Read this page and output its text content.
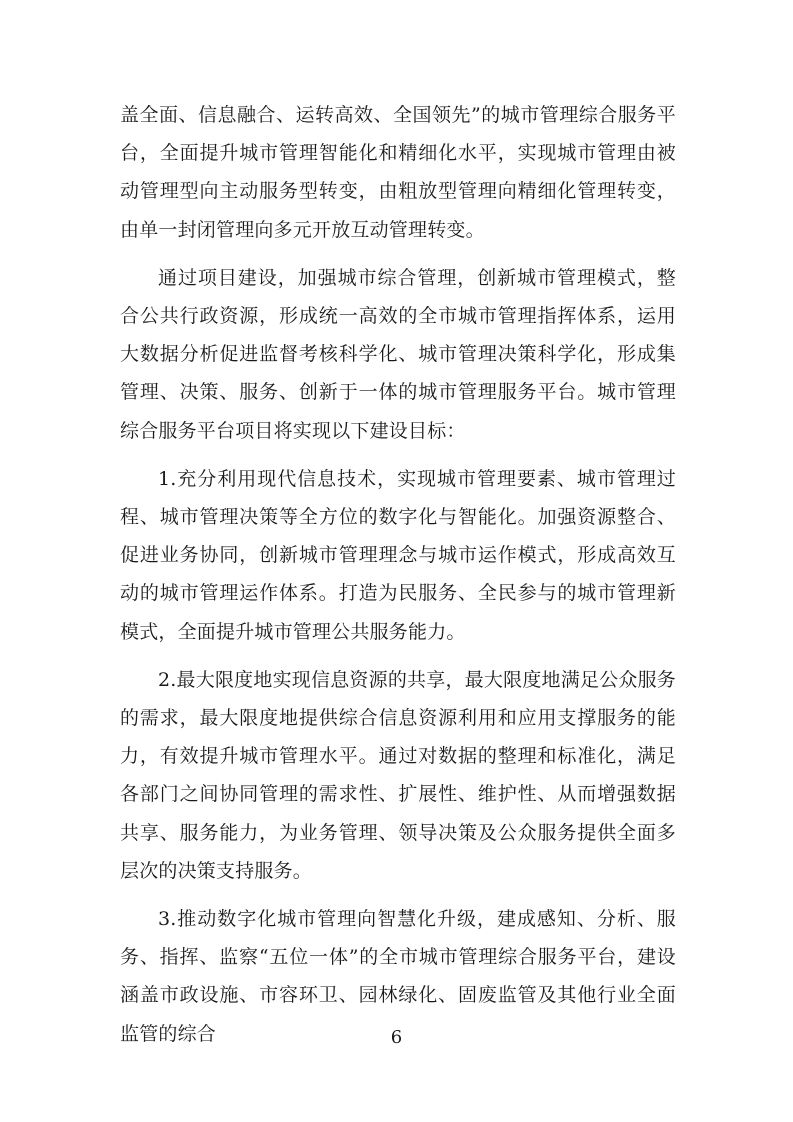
盖全面、信息融合、运转高效、全国领先”的城市管理综合服务平台，全面提升城市管理智能化和精细化水平，实现城市管理由被动管理型向主动服务型转变，由粗放型管理向精细化管理转变，由单一封闭管理向多元开放互动管理转变。

通过项目建设，加强城市综合管理，创新城市管理模式，整合公共行政资源，形成统一高效的全市城市管理指挥体系，运用大数据分析促进监督考核科学化、城市管理决策科学化，形成集管理、决策、服务、创新于一体的城市管理服务平台。城市管理综合服务平台项目将实现以下建设目标：

1.充分利用现代信息技术，实现城市管理要素、城市管理过程、城市管理决策等全方位的数字化与智能化。加强资源整合、促进业务协同，创新城市管理理念与城市运作模式，形成高效互动的城市管理运作体系。打造为民服务、全民参与的城市管理新模式，全面提升城市管理公共服务能力。

2.最大限度地实现信息资源的共享，最大限度地满足公众服务的需求，最大限度地提供综合信息资源利用和应用支撑服务的能力，有效提升城市管理水平。通过对数据的整理和标准化，满足各部门之间协同管理的需求性、扩展性、维护性、从而增强数据共享、服务能力，为业务管理、领导决策及公众服务提供全面多层次的决策支持服务。

3.推动数字化城市管理向智慧化升级，建成感知、分析、服务、指挥、监察“五位一体”的全市城市管理综合服务平台，建设涵盖市政设施、市容环卫、园林绿化、固废监管及其他行业全面监管的综合	6
